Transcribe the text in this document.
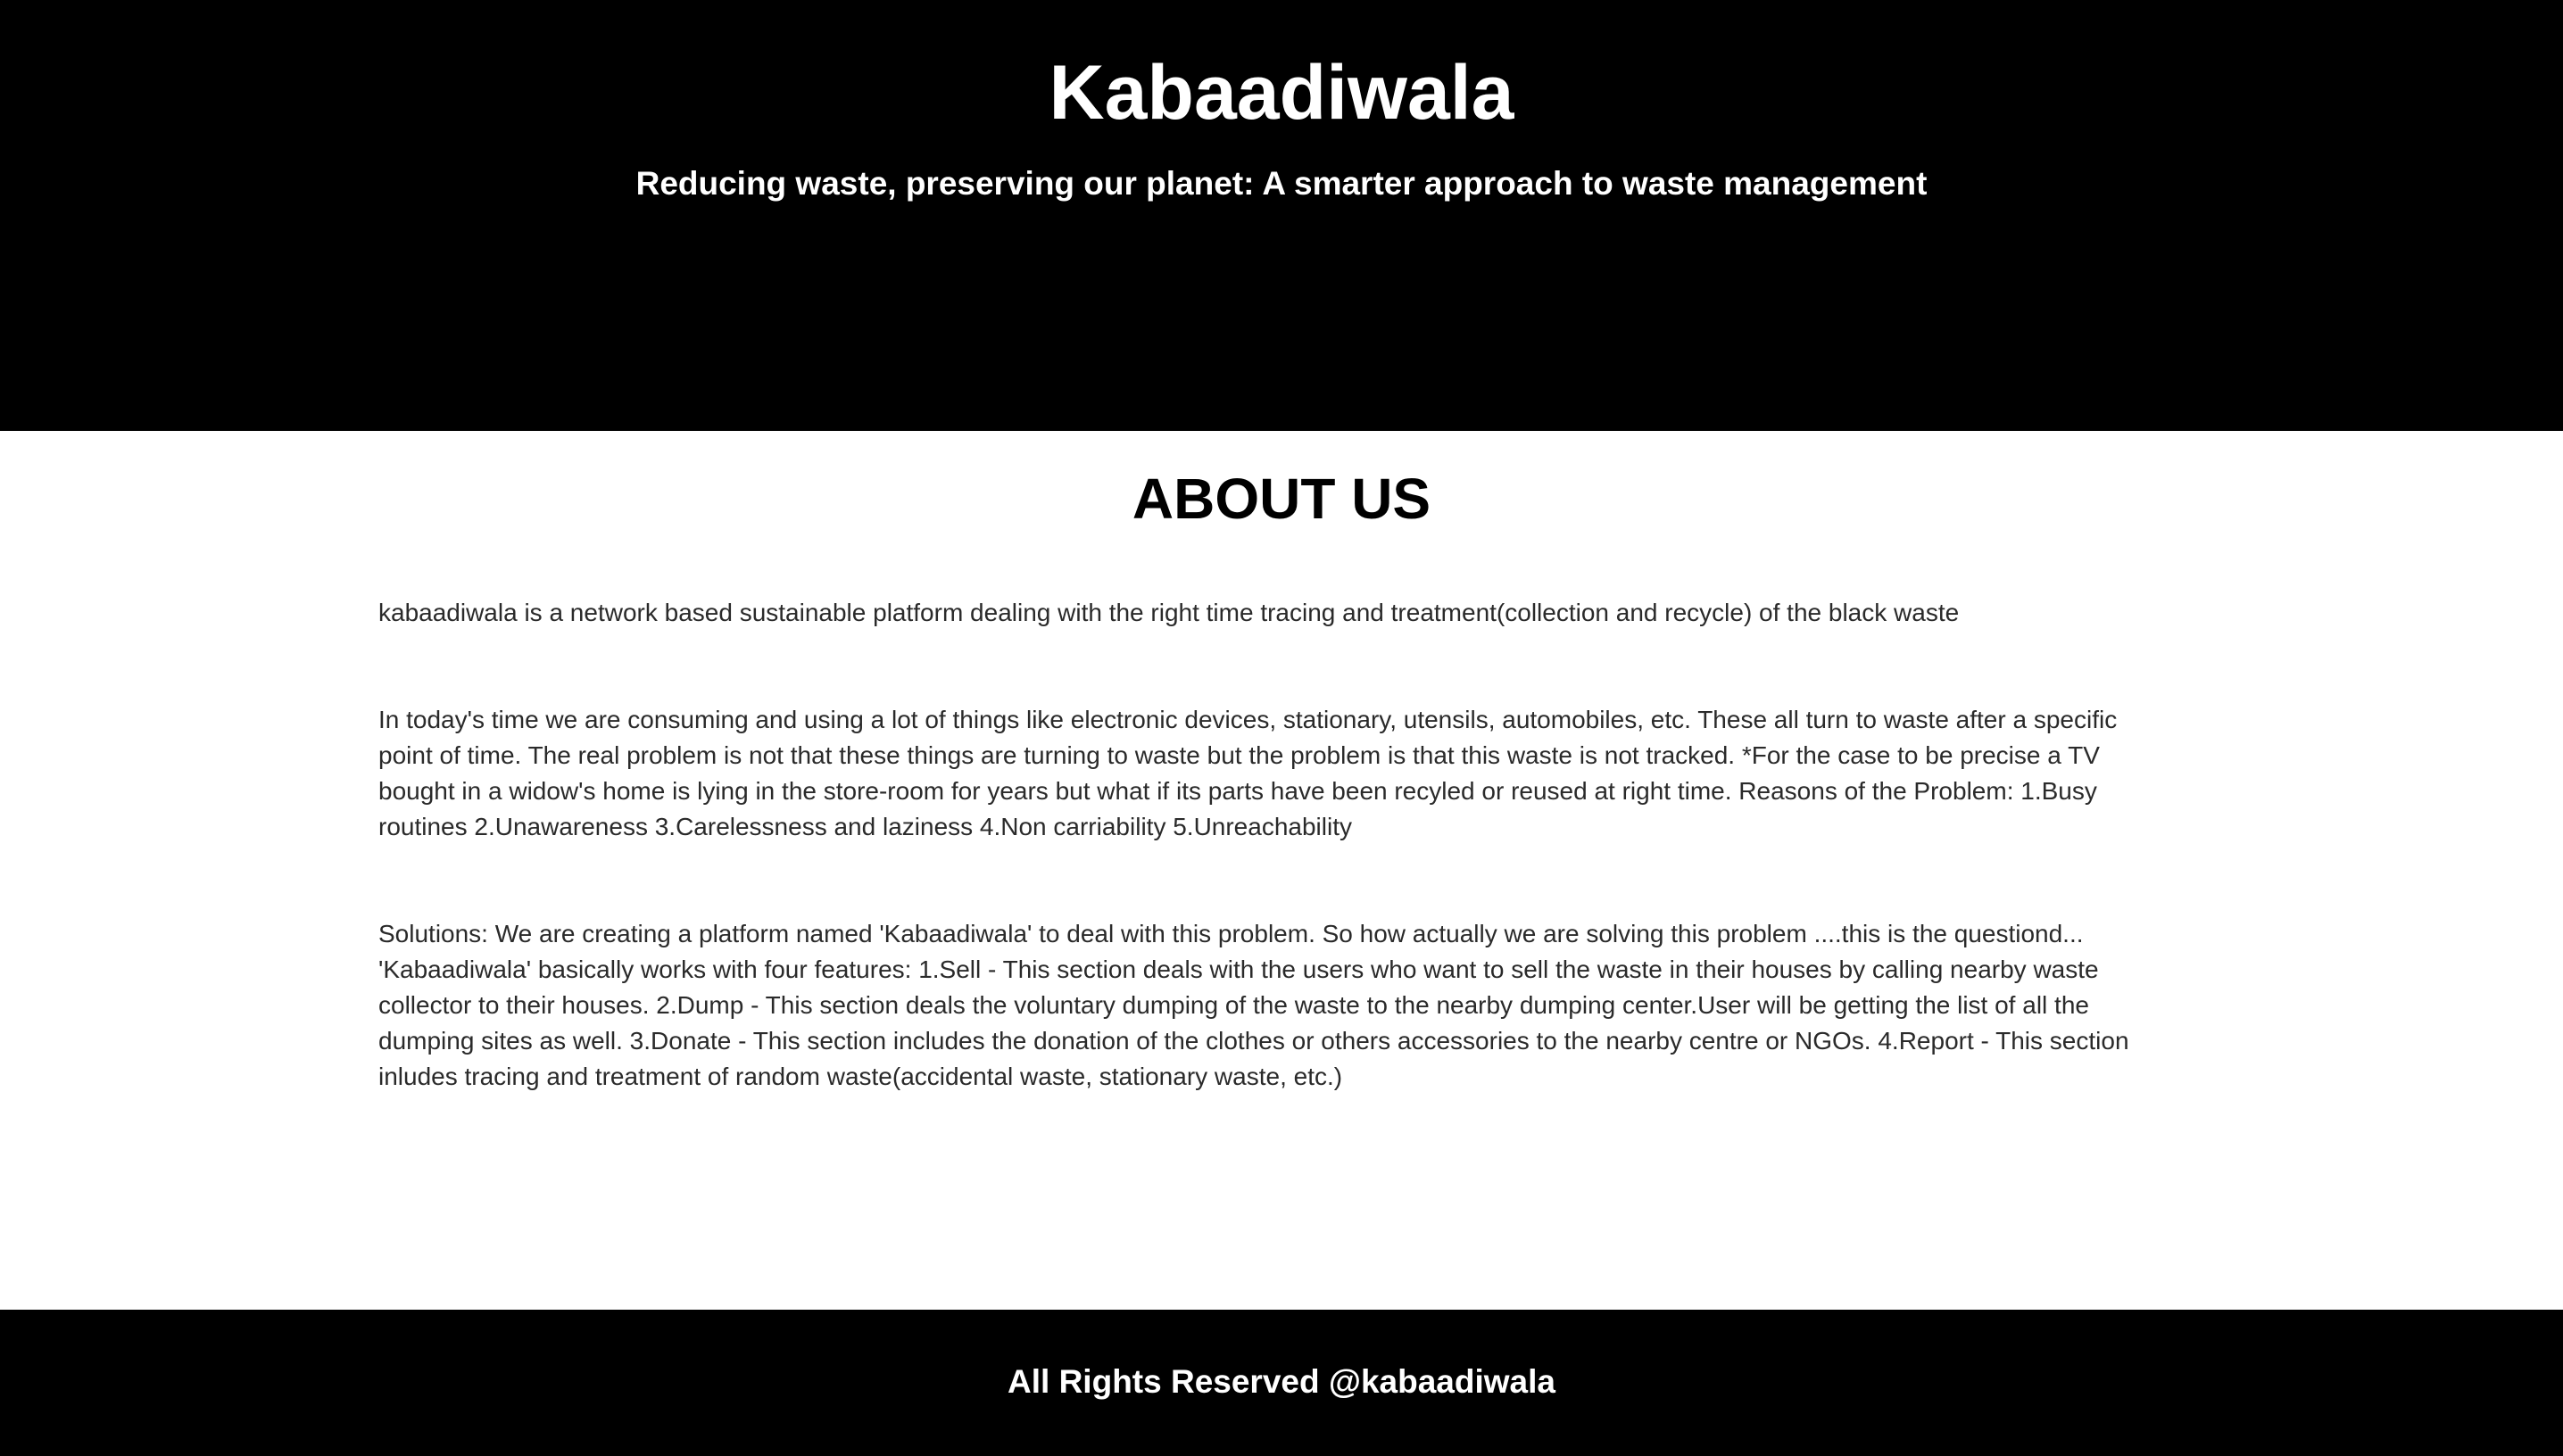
Kabaadiwala
Reducing waste, preserving our planet: A smarter approach to waste management
ABOUT US

kabaadiwala is a network based sustainable platform dealing with the right time tracing and treatment(collection and recycle) of the black waste

In today's time we are consuming and using a lot of things like electronic devices, stationary, utensils, automobiles, etc. These all turn to waste after a specific point of time. The real problem is not that these things are turning to waste but the problem is that this waste is not tracked. *For the case to be precise a TV bought in a widow's home is lying in the store-room for years but what if its parts have been recyled or reused at right time. Reasons of the Problem: 1.Busy routines 2.Unawareness 3.Carelessness and laziness 4.Non carriability 5.Unreachability

Solutions: We are creating a platform named 'Kabaadiwala' to deal with this problem. So how actually we are solving this problem ....this is the questiond... 'Kabaadiwala' basically works with four features: 1.Sell - This section deals with the users who want to sell the waste in their houses by calling nearby waste collector to their houses. 2.Dump - This section deals the voluntary dumping of the waste to the nearby dumping center.User will be getting the list of all the dumping sites as well. 3.Donate - This section includes the donation of the clothes or others accessories to the nearby centre or NGOs. 4.Report - This section inludes tracing and treatment of random waste(accidental waste, stationary waste, etc.)

All Rights Reserved @kabaadiwala
